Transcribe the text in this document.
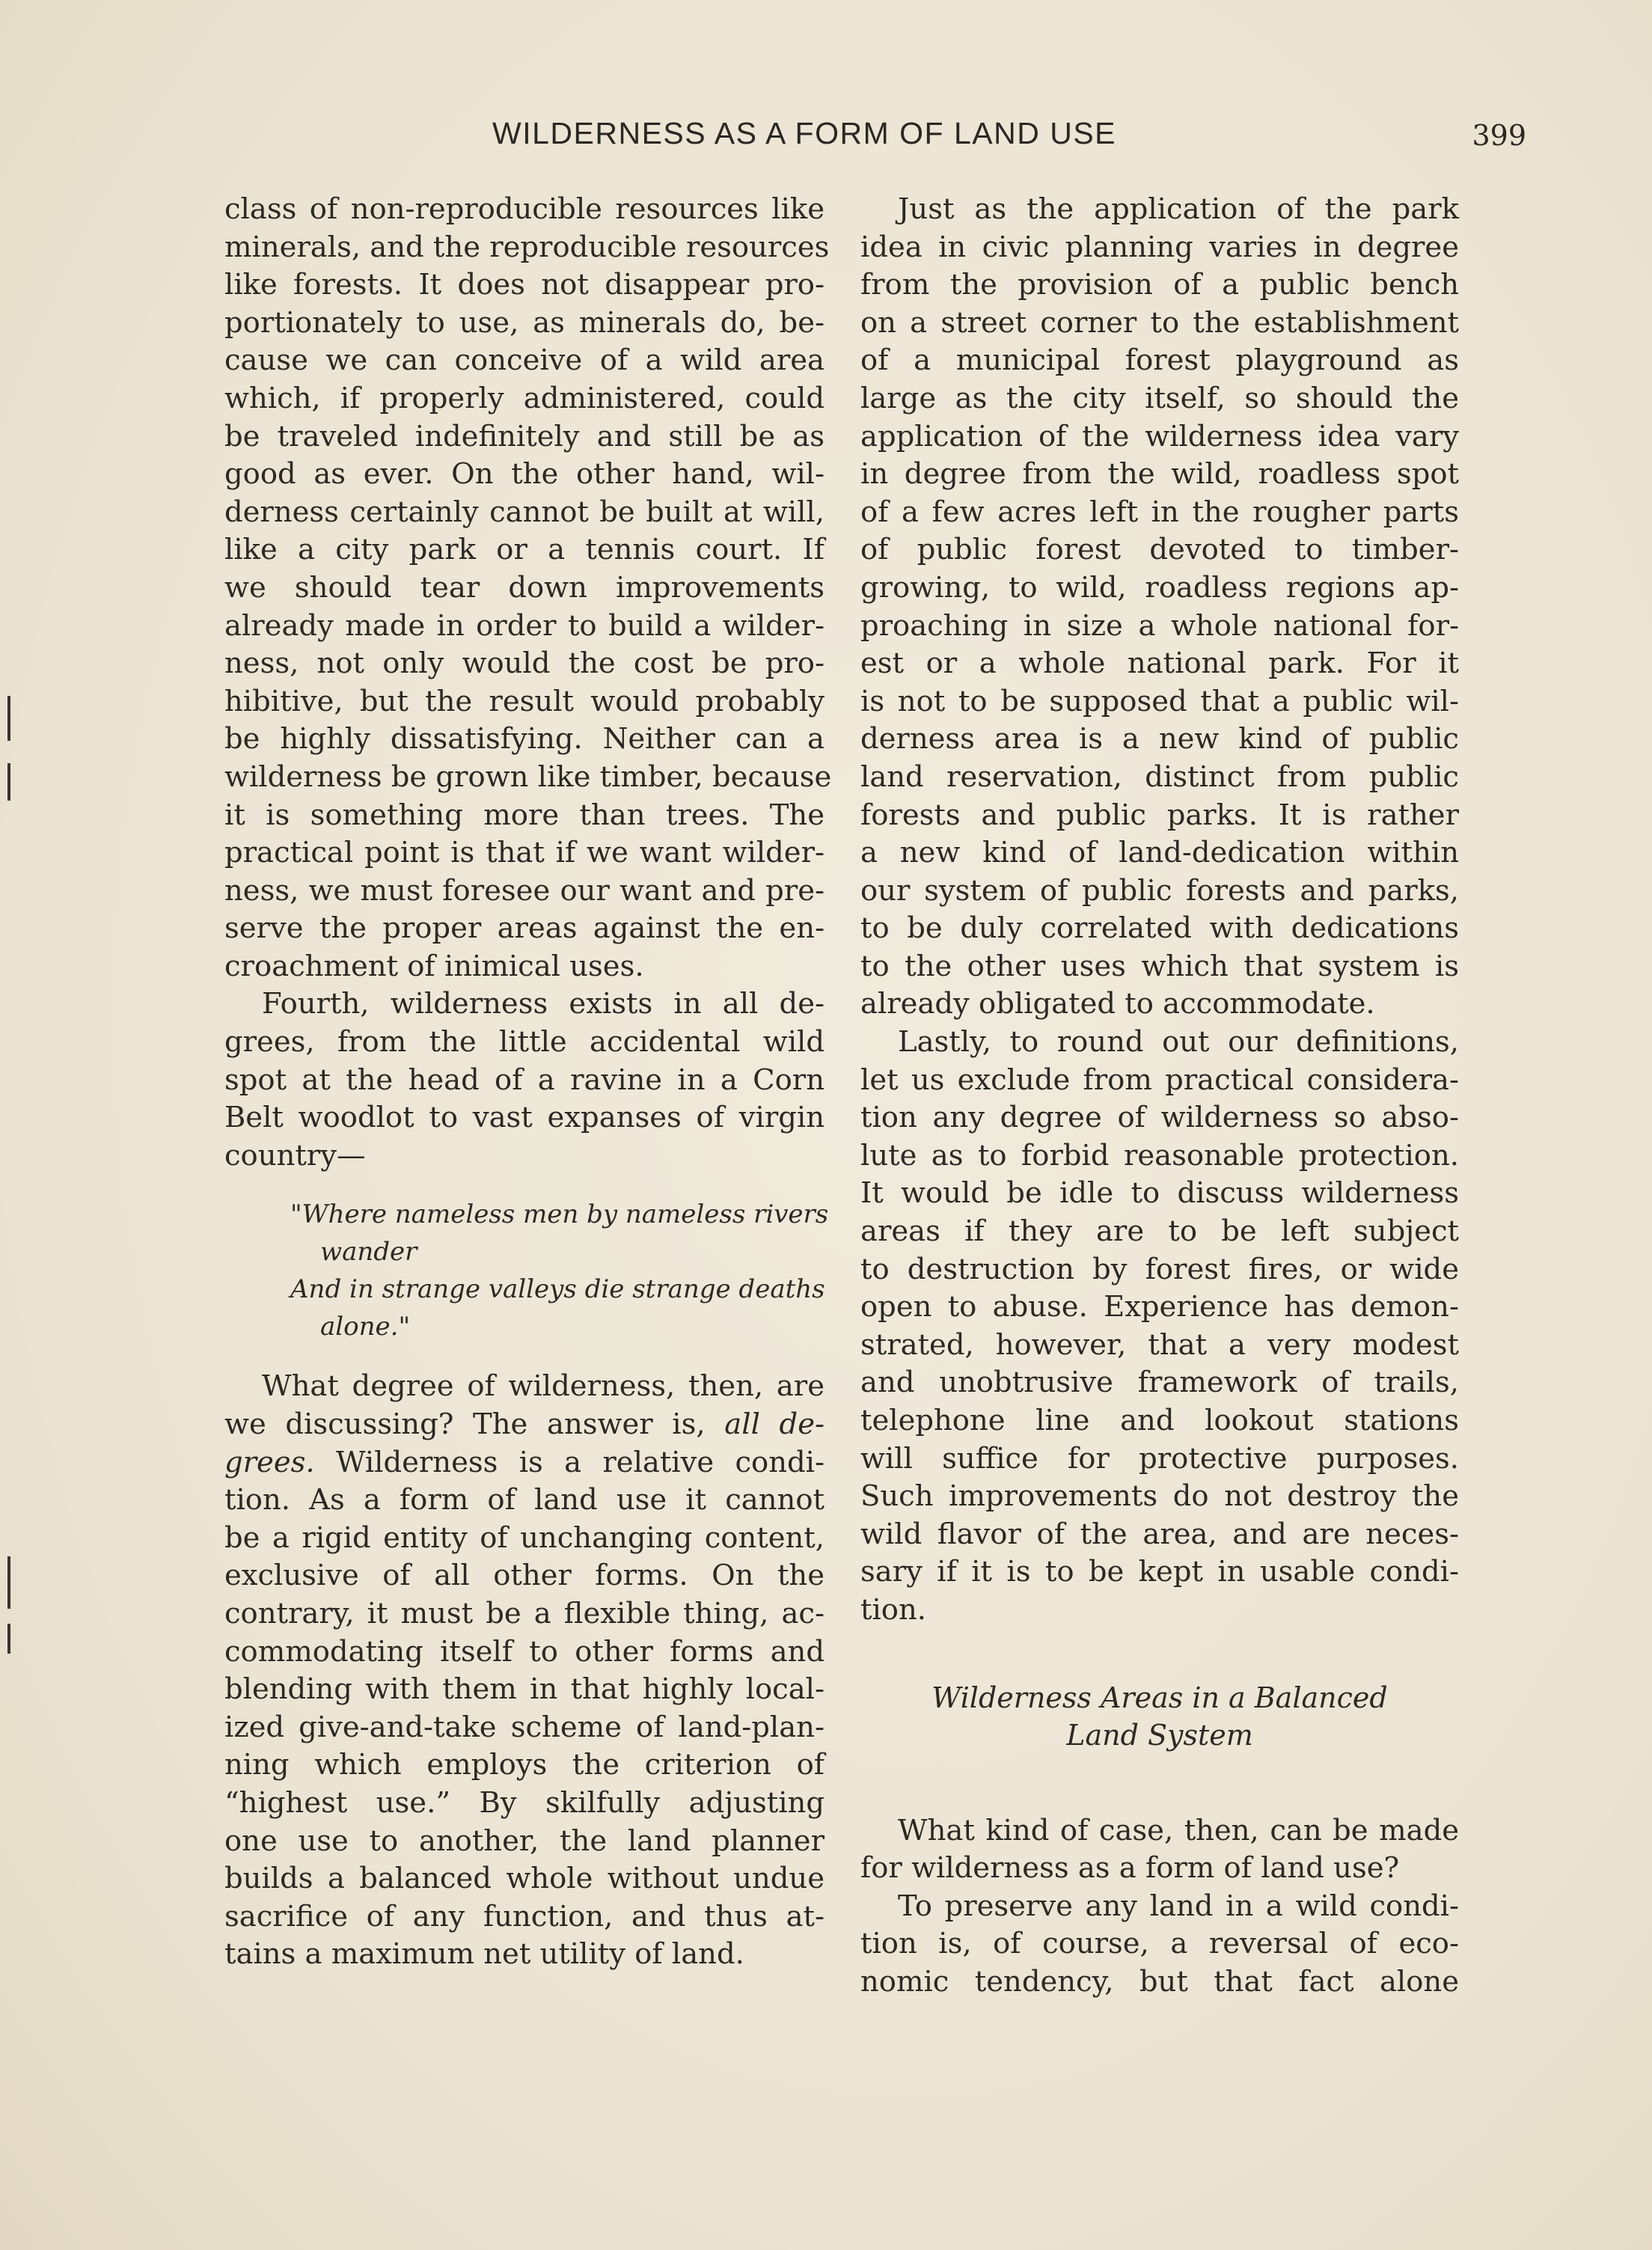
WILDERNESS AS A FORM OF LAND USE	399
class of non-reproducible resources like
minerals, and the reproducible resources
like forests. It does not disappear pro-
portionately to use, as minerals do, be-
cause we can conceive of a wild area
which, if properly administered, could
be traveled indefinitely and still be as
good as ever. On the other hand, wil-
derness certainly cannot be built at will,
like a city park or a tennis court. If
we should tear down improvements
already made in order to build a wilder-
ness, not only would the cost be pro-
hibitive, but the result would probably
be highly dissatisfying. Neither can a
wilderness be grown like timber, because
it is something more than trees. The
practical point is that if we want wilder-
ness, we must foresee our want and pre-
serve the proper areas against the en-
croachment of inimical uses.
Fourth, wilderness exists in all de-
grees, from the little accidental wild
spot at the head of a ravine in a Corn
Belt woodlot to vast expanses of virgin
country—
"Where nameless men by nameless rivers
wander
And in strange valleys die strange deaths
alone."
What degree of wilderness, then, are
we discussing? The answer is, all de-
grees. Wilderness is a relative condi-
tion. As a form of land use it cannot
be a rigid entity of unchanging content,
exclusive of all other forms. On the
contrary, it must be a flexible thing, ac-
commodating itself to other forms and
blending with them in that highly local-
ized give-and-take scheme of land-plan-
ning which employs the criterion of
“highest use.” By skilfully adjusting
one use to another, the land planner
builds a balanced whole without undue
sacrifice of any function, and thus at-
tains a maximum net utility of land.
Just as the application of the park
idea in civic planning varies in degree
from the provision of a public bench
on a street corner to the establishment
of a municipal forest playground as
large as the city itself, so should the
application of the wilderness idea vary
in degree from the wild, roadless spot
of a few acres left in the rougher parts
of public forest devoted to timber-
growing, to wild, roadless regions ap-
proaching in size a whole national for-
est or a whole national park. For it
is not to be supposed that a public wil-
derness area is a new kind of public
land reservation, distinct from public
forests and public parks. It is rather
a new kind of land-dedication within
our system of public forests and parks,
to be duly correlated with dedications
to the other uses which that system is
already obligated to accommodate.
Lastly, to round out our definitions,
let us exclude from practical considera-
tion any degree of wilderness so abso-
lute as to forbid reasonable protection.
It would be idle to discuss wilderness
areas if they are to be left subject
to destruction by forest fires, or wide
open to abuse. Experience has demon-
strated, however, that a very modest
and unobtrusive framework of trails,
telephone line and lookout stations
will suffice for protective purposes.
Such improvements do not destroy the
wild flavor of the area, and are neces-
sary if it is to be kept in usable condi-
tion.
Wilderness Areas in a Balanced
Land System
What kind of case, then, can be made
for wilderness as a form of land use?
To preserve any land in a wild condi-
tion is, of course, a reversal of eco-
nomic tendency, but that fact alone
